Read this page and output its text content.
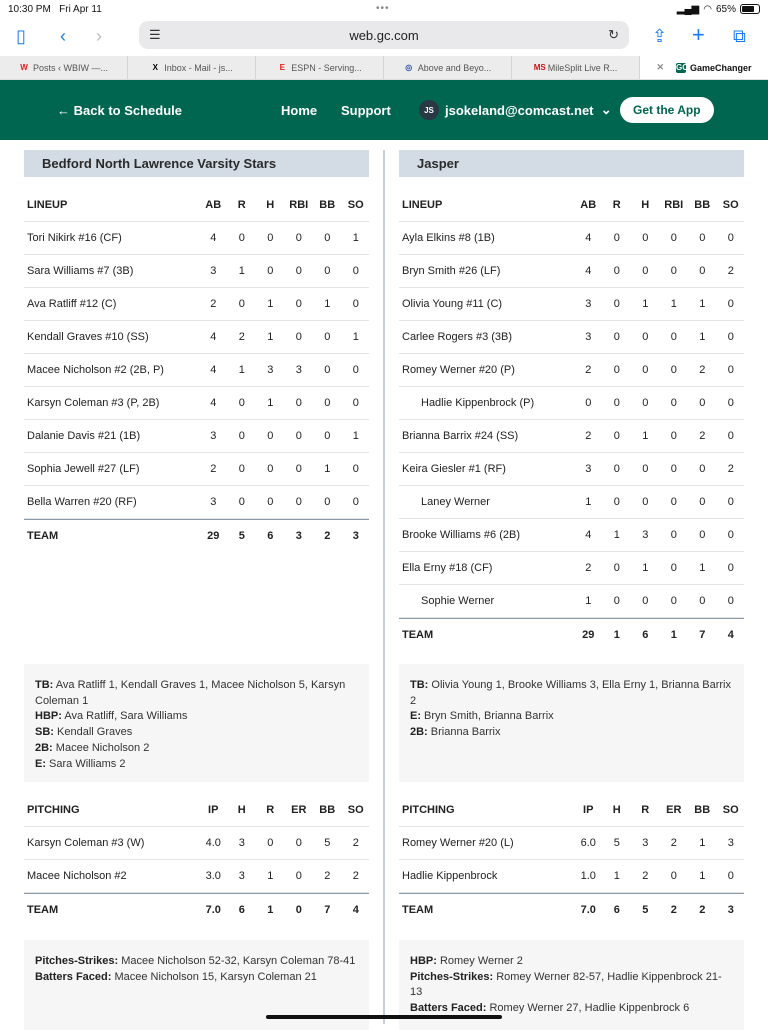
10:30 PM
Fri Apr 11	•••	▂▄▆ ◠ 65%
▯ ‹ ›	☰	web.gc.com	↻ ⇪ + ⧉
W Posts ‹ WBIW —...	X Inbox - Mail - js...	E ESPN - Serving...	◎ Above and Beyo...	MS MileSplit Live R...	✕ GC GameChanger
← Back to Schedule	Home Support	JS jsokeland@comcast.net ⌄	Get the App
Bedford North Lawrence Varsity Stars
LINEUP	AB	R	H	RBI	BB	SO
Tori Nikirk #16 (CF)	4	0	0	0	0	1
Sara Williams #7 (3B)	3	1	0	0	0	0
Ava Ratliff #12 (C)	2	0	1	0	1	0
Kendall Graves #10 (SS)	4	2	1	0	0	1
Macee Nicholson #2 (2B, P)	4	1	3	3	0	0
Karsyn Coleman #3 (P, 2B)	4	0	1	0	0	0
Dalanie Davis #21 (1B)	3	0	0	0	0	1
Sophia Jewell #27 (LF)	2	0	0	0	1	0
Bella Warren #20 (RF)	3	0	0	0	0	0
TEAM	29	5	6	3	2	3
TB: Ava Ratliff 1, Kendall Graves 1, Macee Nicholson 5, Karsyn Coleman 1
HBP: Ava Ratliff, Sara Williams
SB: Kendall Graves
2B: Macee Nicholson 2
E: Sara Williams 2
PITCHING	IP	H	R	ER	BB	SO
Karsyn Coleman #3 (W)	4.0	3	0	0	5	2
Macee Nicholson #2	3.0	3	1	0	2	2
TEAM	7.0	6	1	0	7	4
Pitches-Strikes: Macee Nicholson 52-32, Karsyn Coleman 78-41
Batters Faced: Macee Nicholson 15, Karsyn Coleman 21
Jasper
LINEUP	AB	R	H	RBI	BB	SO
Ayla Elkins #8 (1B)	4	0	0	0	0	0
Bryn Smith #26 (LF)	4	0	0	0	0	2
Olivia Young #11 (C)	3	0	1	1	1	0
Carlee Rogers #3 (3B)	3	0	0	0	1	0
Romey Werner #20 (P)	2	0	0	0	2	0
Hadlie Kippenbrock (P)	0	0	0	0	0	0
Brianna Barrix #24 (SS)	2	0	1	0	2	0
Keira Giesler #1 (RF)	3	0	0	0	0	2
Laney Werner	1	0	0	0	0	0
Brooke Williams #6 (2B)	4	1	3	0	0	0
Ella Erny #18 (CF)	2	0	1	0	1	0
Sophie Werner	1	0	0	0	0	0
TEAM	29	1	6	1	7	4
TB: Olivia Young 1, Brooke Williams 3, Ella Erny 1, Brianna Barrix 2
E: Bryn Smith, Brianna Barrix
2B: Brianna Barrix
PITCHING	IP	H	R	ER	BB	SO
Romey Werner #20 (L)	6.0	5	3	2	1	3
Hadlie Kippenbrock	1.0	1	2	0	1	0
TEAM	7.0	6	5	2	2	3
HBP: Romey Werner 2
Pitches-Strikes: Romey Werner 82-57, Hadlie Kippenbrock 21-13
Batters Faced: Romey Werner 27, Hadlie Kippenbrock 6
